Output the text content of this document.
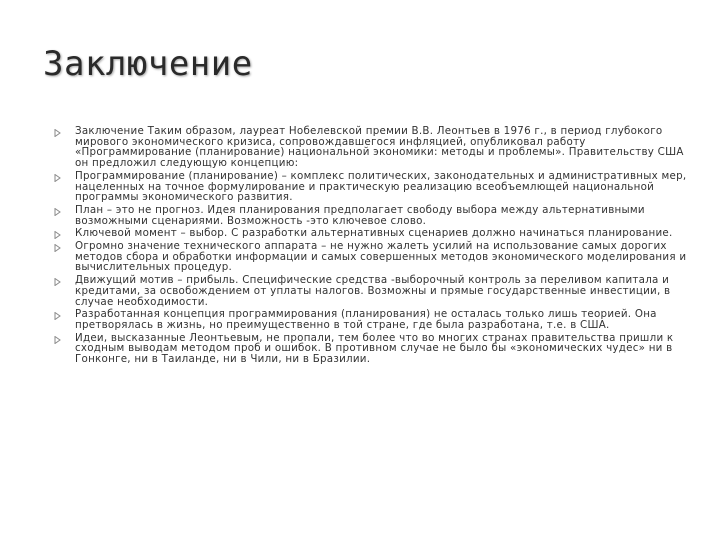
Заключение
Заключение Таким образом, лауреат Нобелевской премии В.В. Леонтьев в 1976 г., в период глубокого мирового экономического кризиса, сопровождавшегося инфляцией, опубликовал работу «Программирование (планирование) национальной экономики: методы и проблемы». Правительству США он предложил следующую концепцию:
Программирование (планирование) – комплекс политических, законодательных и административных мер, нацеленных на точное формулирование и практическую реализацию всеобъемлющей национальной программы экономического развития.
План – это не прогноз. Идея планирования предполагает свободу выбора между альтернативными возможными сценариями. Возможность -это ключевое слово.
Ключевой момент – выбор. С разработки альтернативных сценариев должно начинаться планирование.
Огромно значение технического аппарата – не нужно жалеть усилий на использование самых дорогих методов сбора и обработки информации и самых совершенных методов экономического моделирования и вычислительных процедур.
Движущий мотив – прибыль. Специфические средства -выборочный контроль за переливом капитала и кредитами, за освобождением от уплаты налогов. Возможны и прямые государственные инвестиции, в случае необходимости.
Разработанная концепция программирования (планирования) не осталась только лишь теорией. Она претворялась в жизнь, но преимущественно в той стране, где была разработана, т.е. в США.
Идеи, высказанные Леонтьевым, не пропали, тем более что во многих странах правительства пришли к сходным выводам методом проб и ошибок. В противном случае не было бы «экономических чудес» ни в Гонконге, ни в Таиланде, ни в Чили, ни в Бразилии.
